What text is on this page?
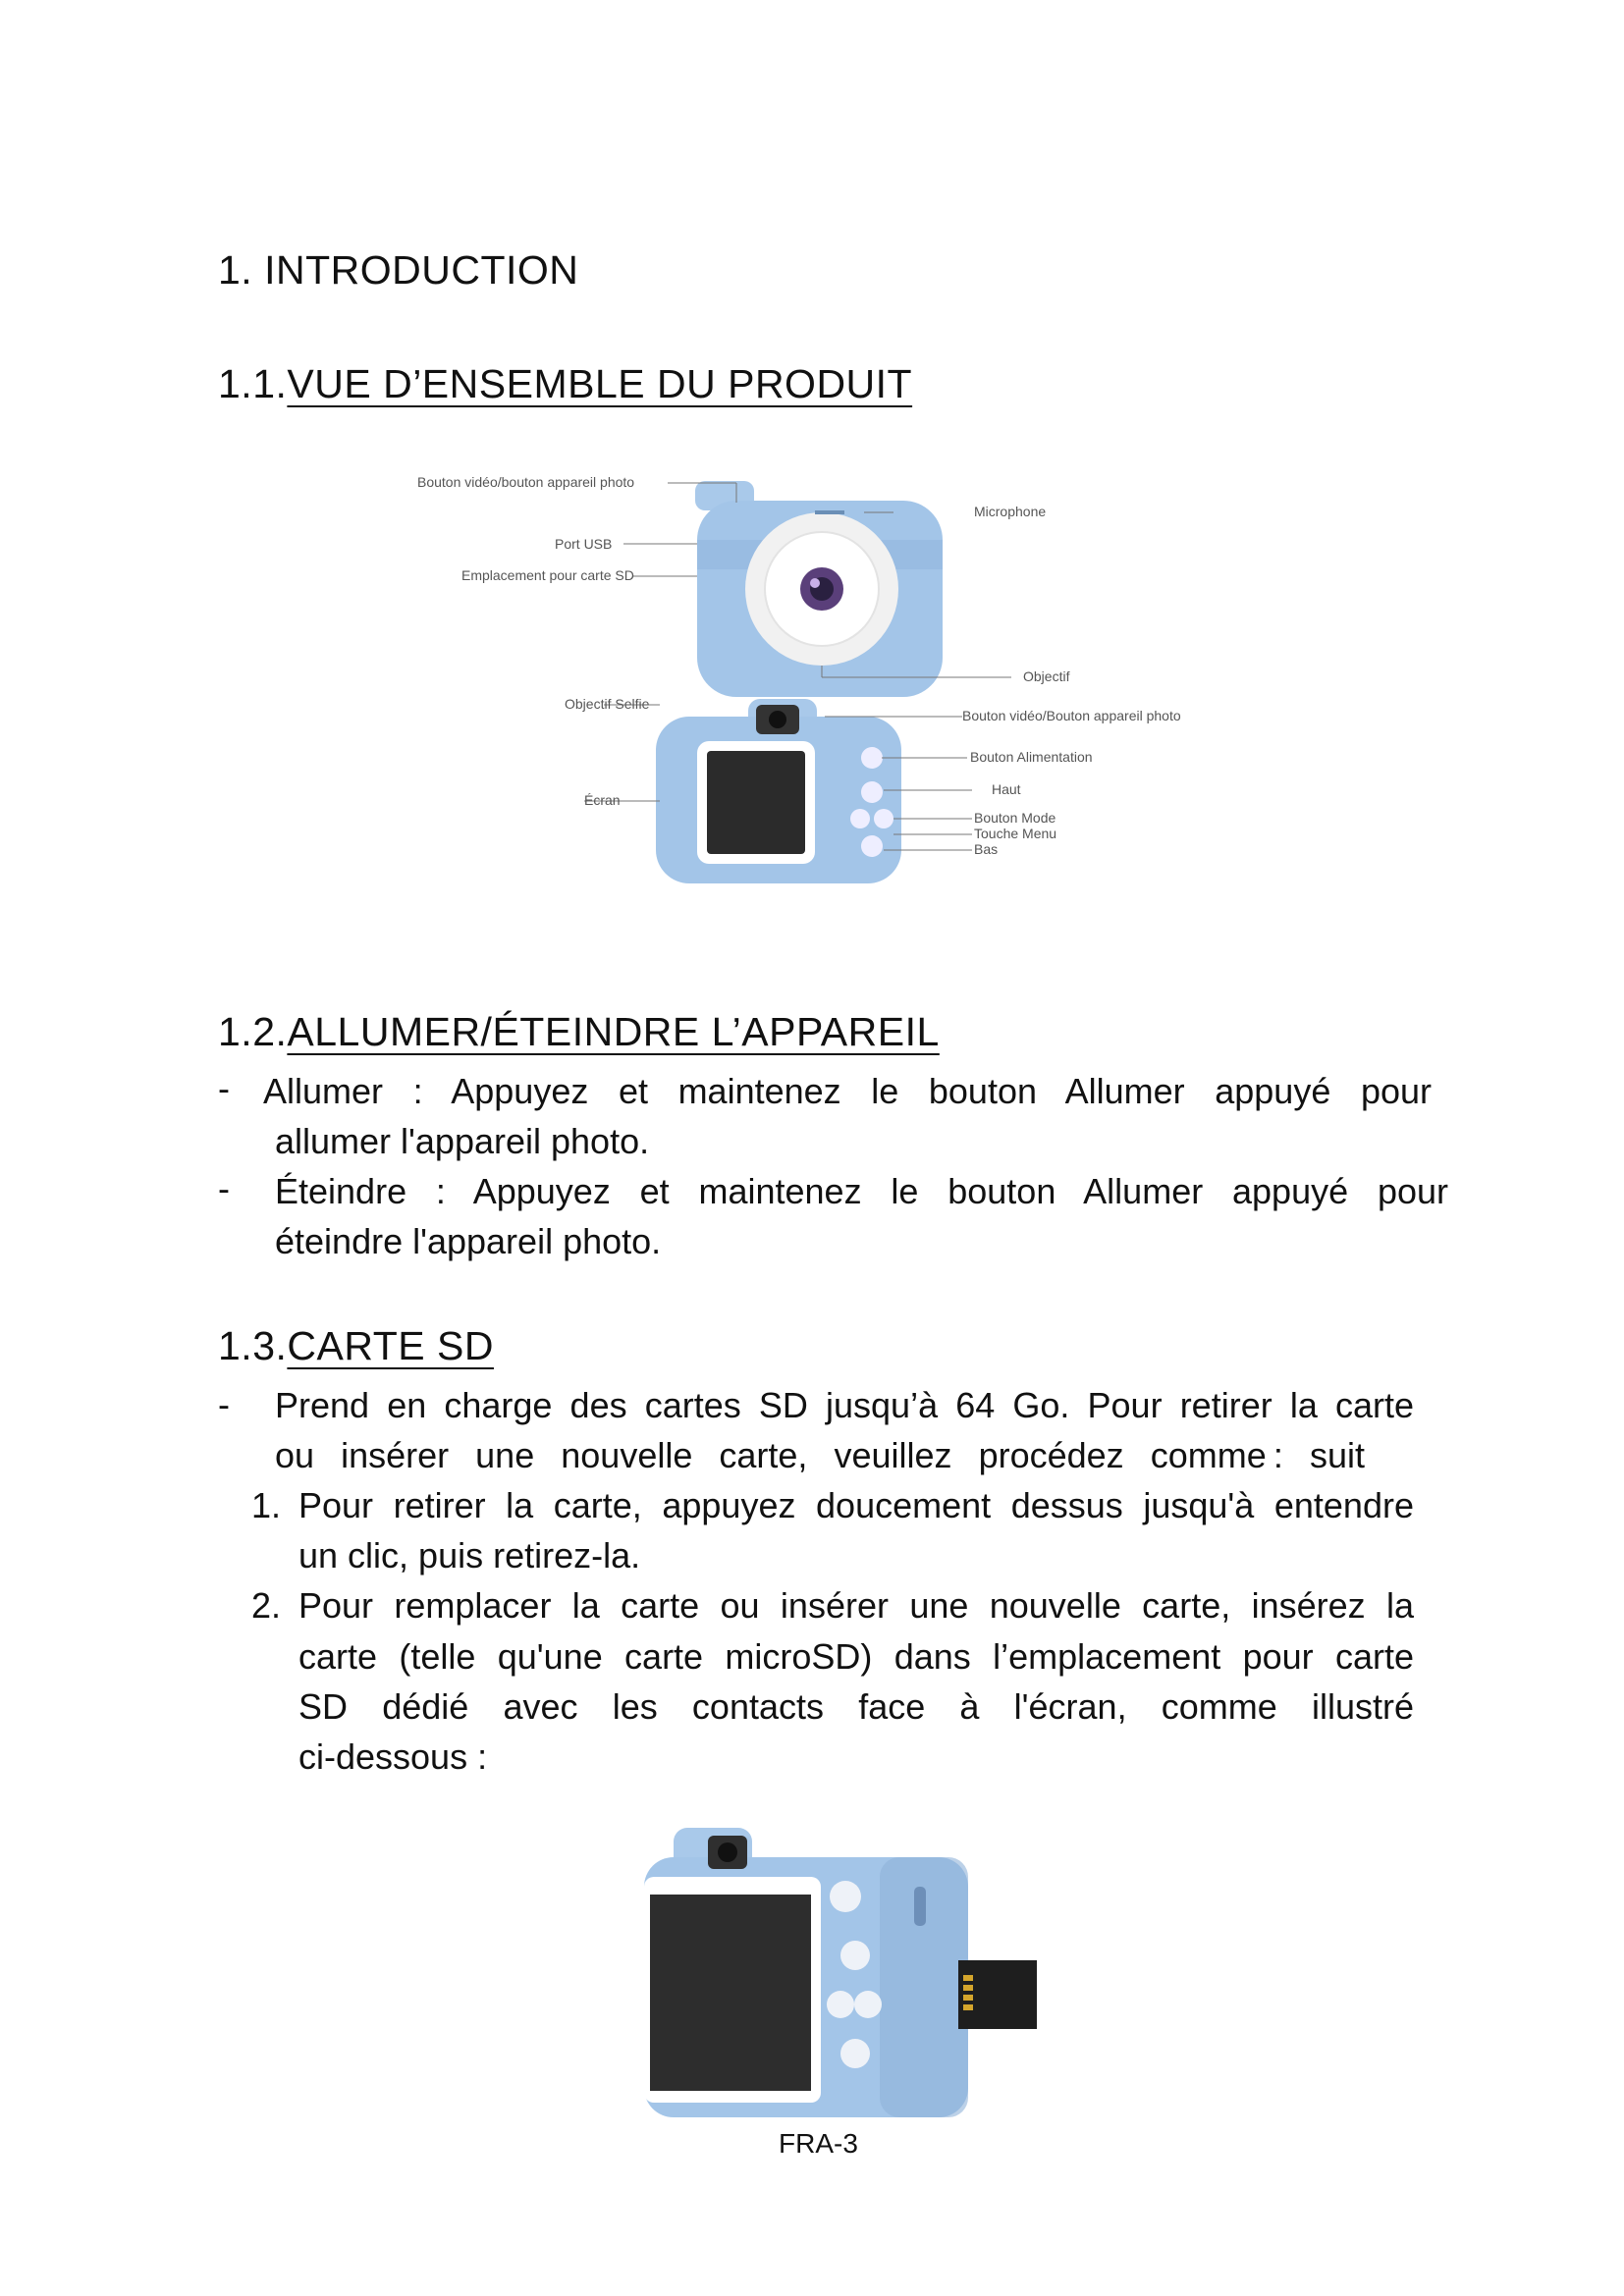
1. INTRODUCTION
1.1.VUE D’ENSEMBLE DU PRODUIT
Bouton vidéo/bouton appareil photo
Microphone
Port USB
Emplacement pour carte SD
Objectif
Objectif Selfie
Bouton vidéo/Bouton appareil photo
Bouton Alimentation
Écran
Haut
Bouton Mode
Touche Menu
Bas
1.2.ALLUMER/ÉTEINDRE L’APPAREIL
- Allumer : Appuyez et maintenez le bouton Allumer appuyé pour
allumer l'appareil photo.
- Éteindre : Appuyez et maintenez le bouton Allumer appuyé pour
éteindre l'appareil photo.
1.3.CARTE SD
- Prend en charge des cartes SD jusqu’à 64 Go. Pour retirer la carte
ou insérer une nouvelle carte, veuillez procédez comme : suit
1. Pour retirer la carte, appuyez doucement dessus jusqu'à entendre
un clic, puis retirez-la.
2. Pour remplacer la carte ou insérer une nouvelle carte, insérez la
carte (telle qu'une carte microSD) dans l’emplacement pour carte
SD dédié avec les contacts face à l'écran, comme illustré
ci-dessous :
FRA-3
